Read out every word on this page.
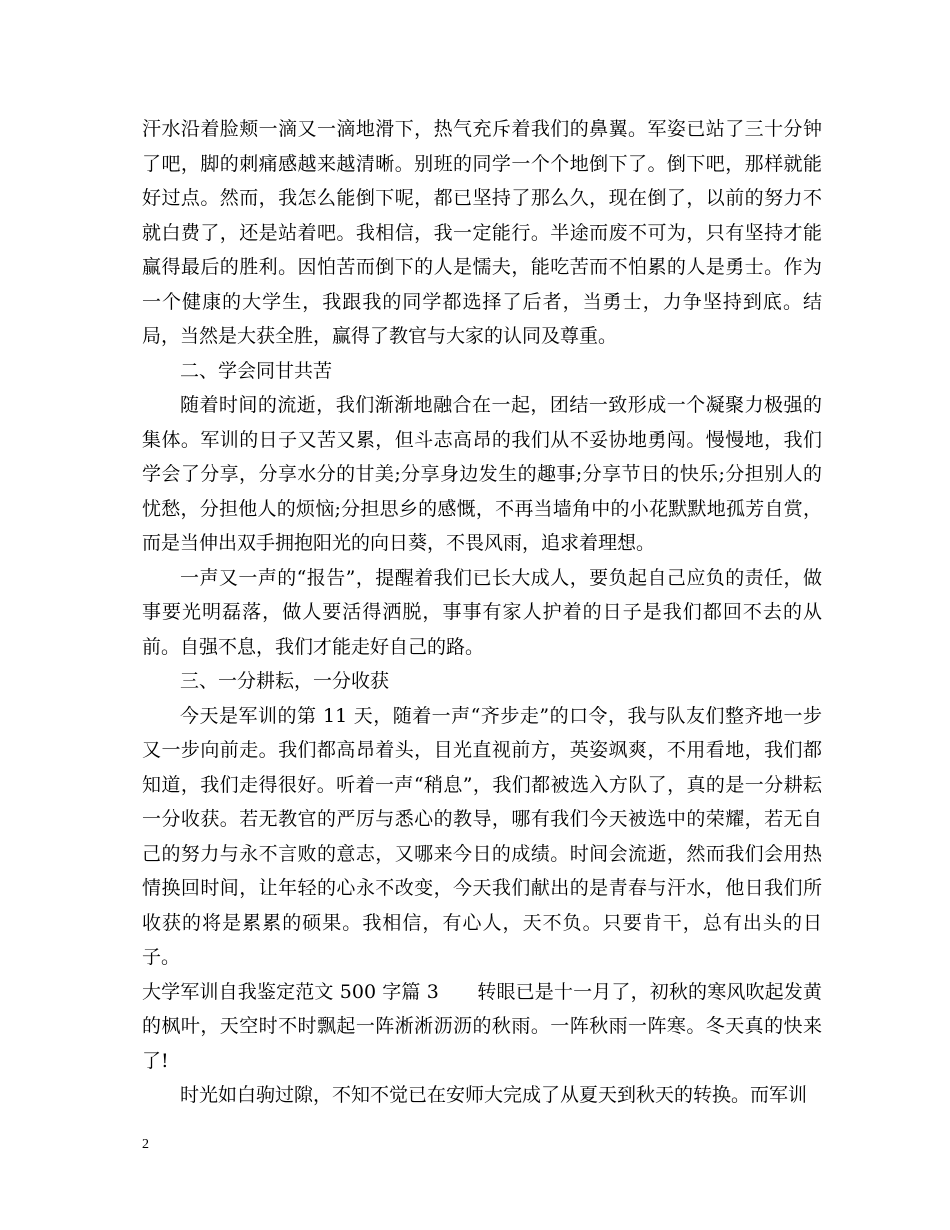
汗水沿着脸颊一滴又一滴地滑下，热气充斥着我们的鼻翼。军姿已站了三十分钟了吧，脚的刺痛感越来越清晰。别班的同学一个个地倒下了。倒下吧，那样就能好过点。然而，我怎么能倒下呢，都已坚持了那么久，现在倒了，以前的努力不就白费了，还是站着吧。我相信，我一定能行。半途而废不可为，只有坚持才能赢得最后的胜利。因怕苦而倒下的人是懦夫，能吃苦而不怕累的人是勇士。作为一个健康的大学生，我跟我的同学都选择了后者，当勇士，力争坚持到底。结局，当然是大获全胜，赢得了教官与大家的认同及尊重。

二、学会同甘共苦

随着时间的流逝，我们渐渐地融合在一起，团结一致形成一个凝聚力极强的集体。军训的日子又苦又累，但斗志高昂的我们从不妥协地勇闯。慢慢地，我们学会了分享，分享水分的甘美;分享身边发生的趣事;分享节日的快乐;分担别人的忧愁，分担他人的烦恼;分担思乡的感慨，不再当墙角中的小花默默地孤芳自赏，而是当伸出双手拥抱阳光的向日葵，不畏风雨，追求着理想。

一声又一声的“报告”，提醒着我们已长大成人，要负起自己应负的责任，做事要光明磊落，做人要活得洒脱，事事有家人护着的日子是我们都回不去的从前。自强不息，我们才能走好自己的路。

三、一分耕耘，一分收获

今天是军训的第 11 天，随着一声“齐步走”的口令，我与队友们整齐地一步又一步向前走。我们都高昂着头，目光直视前方，英姿飒爽，不用看地，我们都知道，我们走得很好。听着一声“稍息”，我们都被选入方队了，真的是一分耕耘一分收获。若无教官的严厉与悉心的教导，哪有我们今天被选中的荣耀，若无自己的努力与永不言败的意志，又哪来今日的成绩。时间会流逝，然而我们会用热情换回时间，让年轻的心永不改变，今天我们献出的是青春与汗水，他日我们所收获的将是累累的硕果。我相信，有心人，天不负。只要肯干，总有出头的日子。

大学军训自我鉴定范文 500 字篇 3　　转眼已是十一月了，初秋的寒风吹起发黄的枫叶，天空时不时飘起一阵淅淅沥沥的秋雨。一阵秋雨一阵寒。冬天真的快来了!

时光如白驹过隙，不知不觉已在安师大完成了从夏天到秋天的转换。而军训

2
